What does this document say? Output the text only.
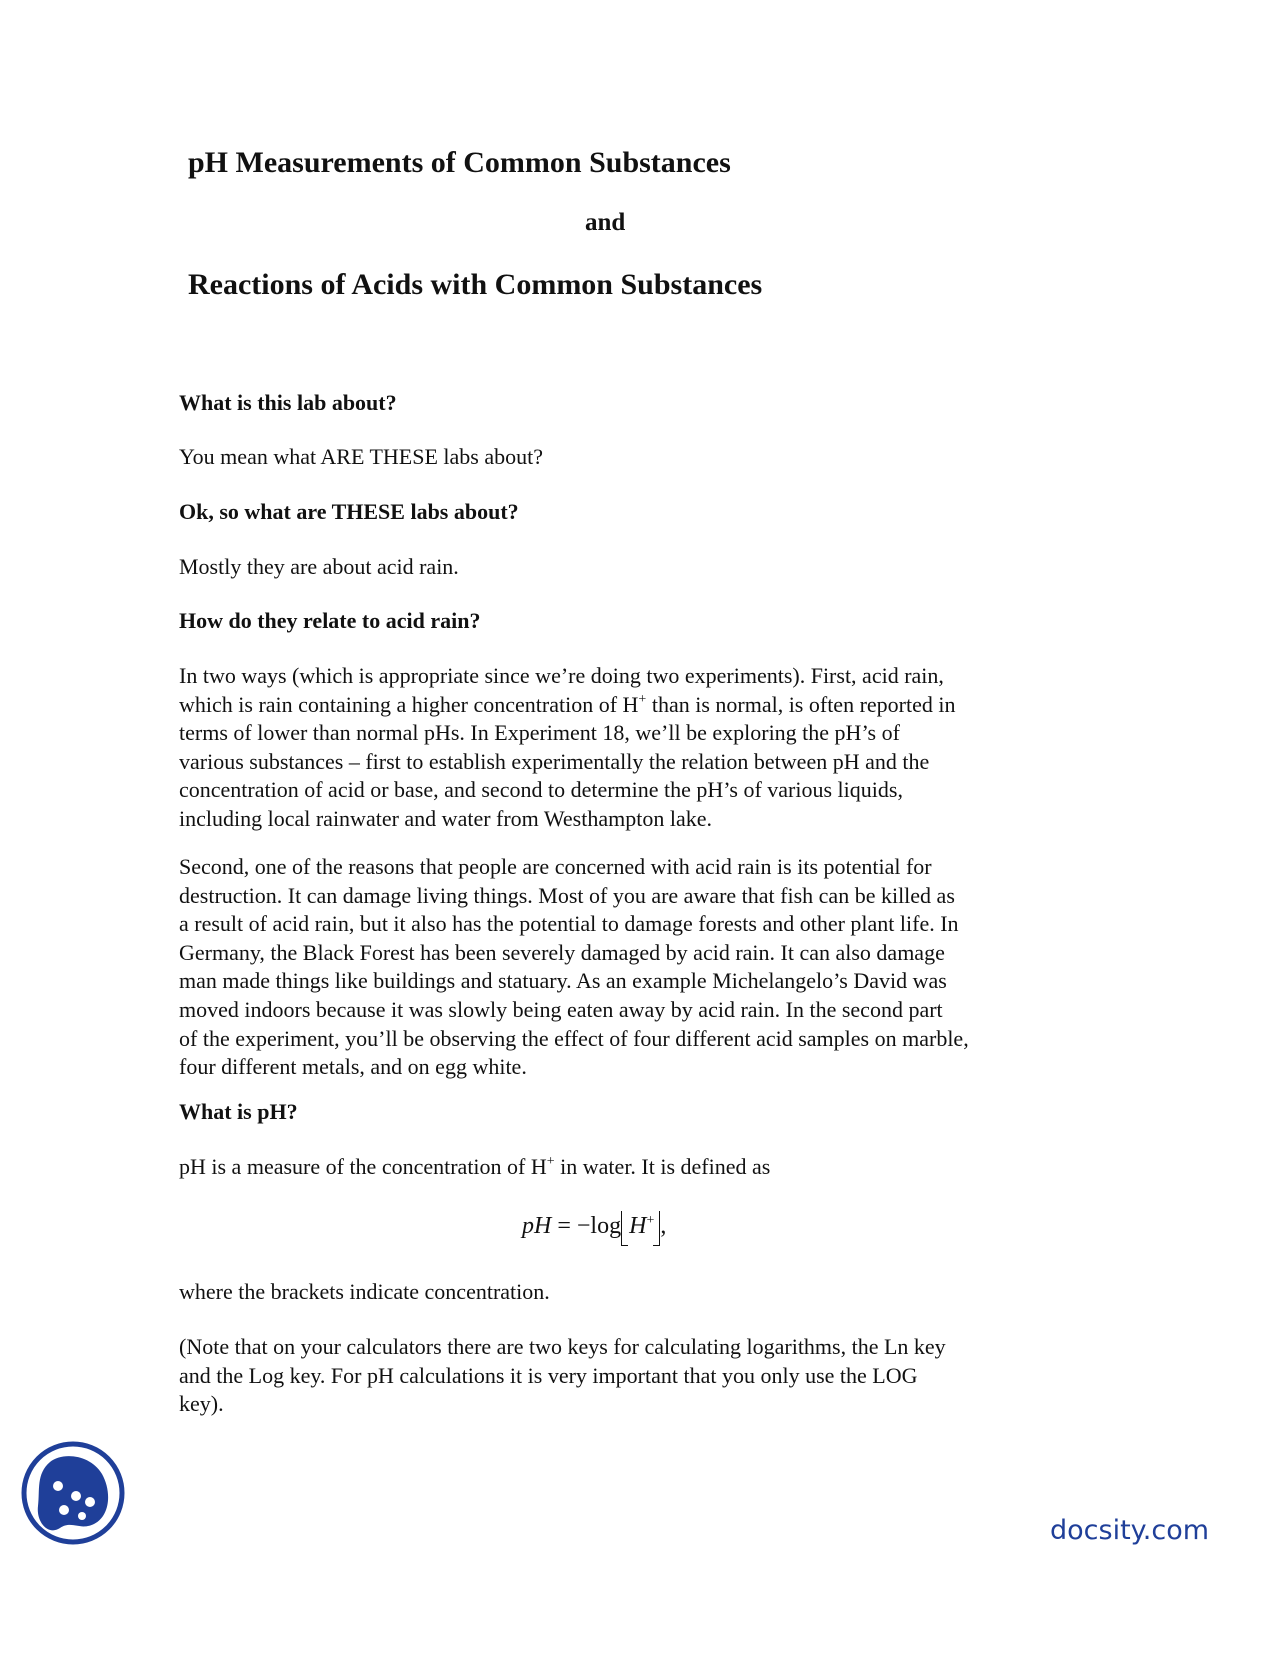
pH Measurements of Common Substances
and
Reactions of Acids with Common Substances
What is this lab about?
You mean what ARE THESE labs about?
Ok, so what are THESE labs about?
Mostly they are about acid rain.
How do they relate to acid rain?
In two ways (which is appropriate since we’re doing two experiments). First, acid rain,
which is rain containing a higher concentration of H+ than is normal, is often reported in
terms of lower than normal pHs. In Experiment 18, we’ll be exploring the pH’s of
various substances – first to establish experimentally the relation between pH and the
concentration of acid or base, and second to determine the pH’s of various liquids,
including local rainwater and water from Westhampton lake.
Second, one of the reasons that people are concerned with acid rain is its potential for
destruction. It can damage living things. Most of you are aware that fish can be killed as
a result of acid rain, but it also has the potential to damage forests and other plant life. In
Germany, the Black Forest has been severely damaged by acid rain. It can also damage
man made things like buildings and statuary. As an example Michelangelo’s David was
moved indoors because it was slowly being eaten away by acid rain. In the second part
of the experiment, you’ll be observing the effect of four different acid samples on marble,
four different metals, and on egg white.
What is pH?
pH is a measure of the concentration of H+ in water. It is defined as
pH = −log H+ ,
where the brackets indicate concentration.
(Note that on your calculators there are two keys for calculating logarithms, the Ln key
and the Log key. For pH calculations it is very important that you only use the LOG
key).
docsity.com
